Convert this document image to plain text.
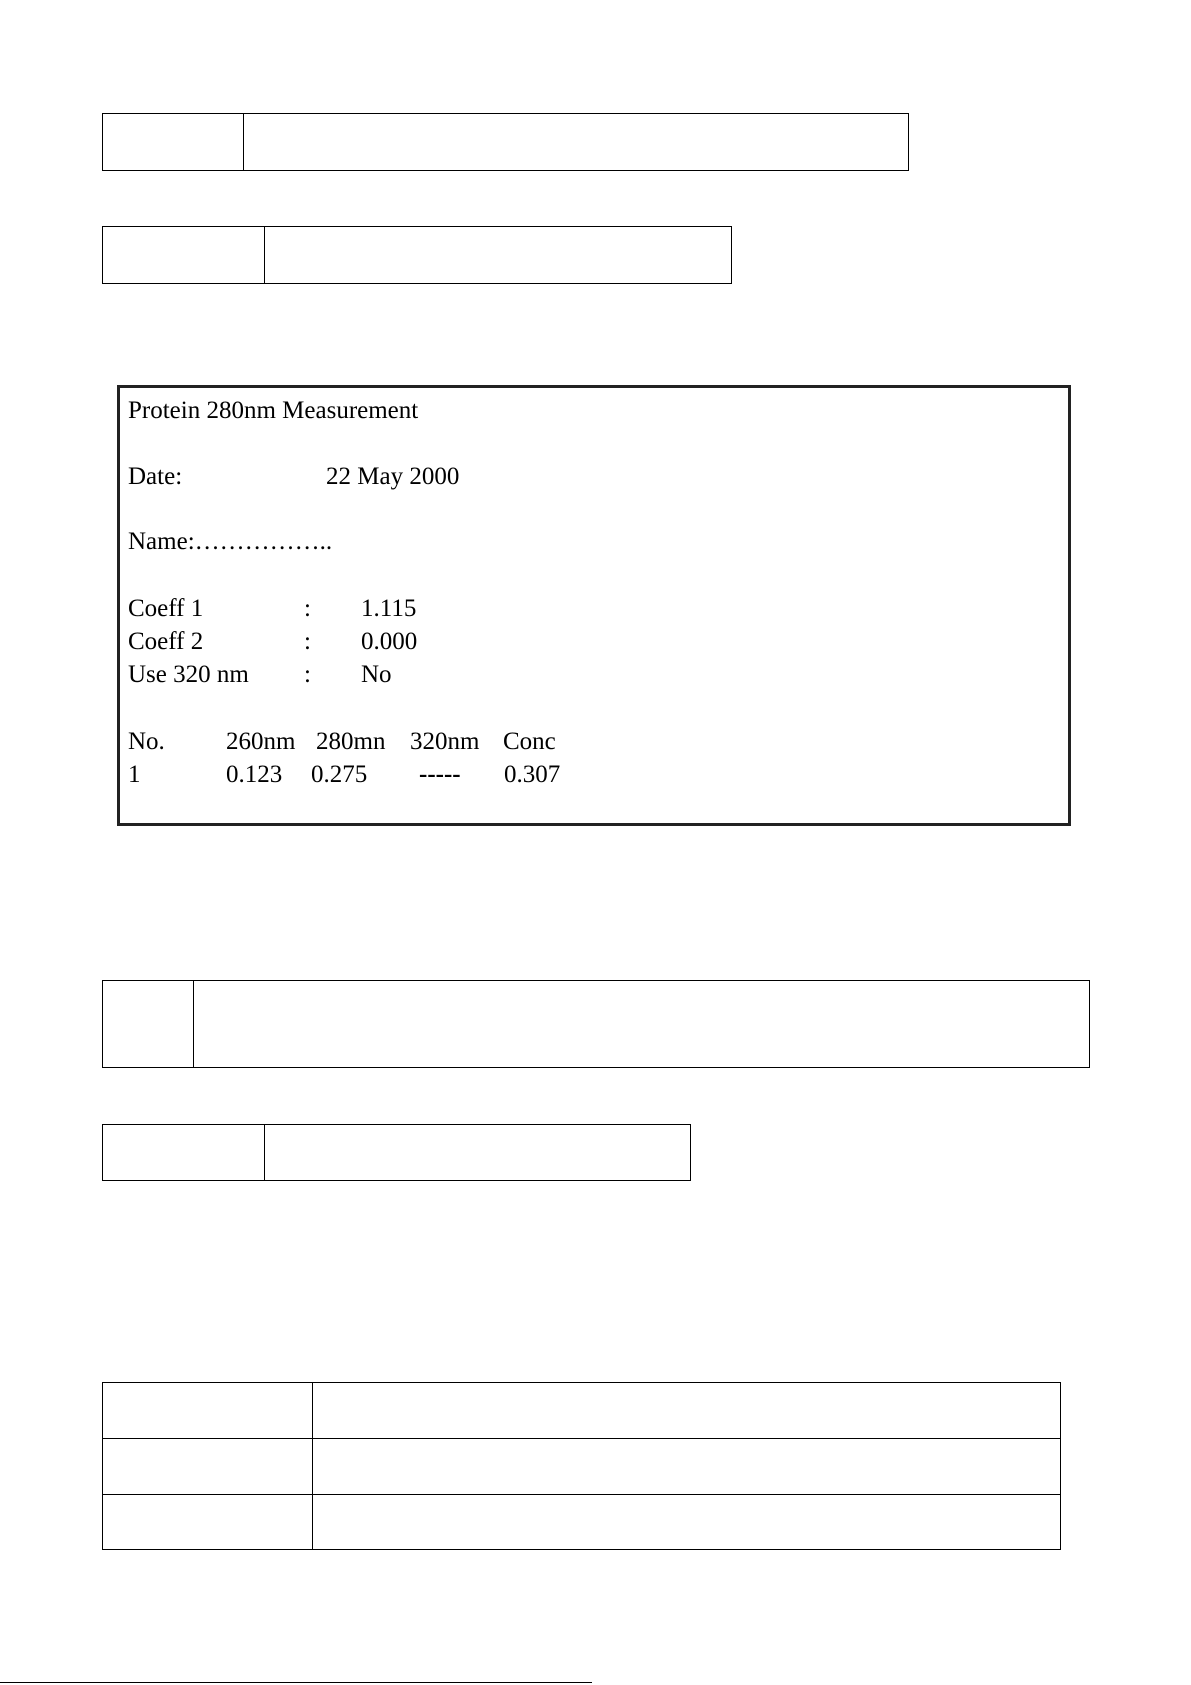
Protein 280nm Measurement
Date:	22 May 2000
Name:……………..
Coeff 1	: 1.115
Coeff 2	: 0.000
Use 320 nm : No
No. 260nm 280mn 320nm Conc
1	0.123 0.275 ----- 0.307
